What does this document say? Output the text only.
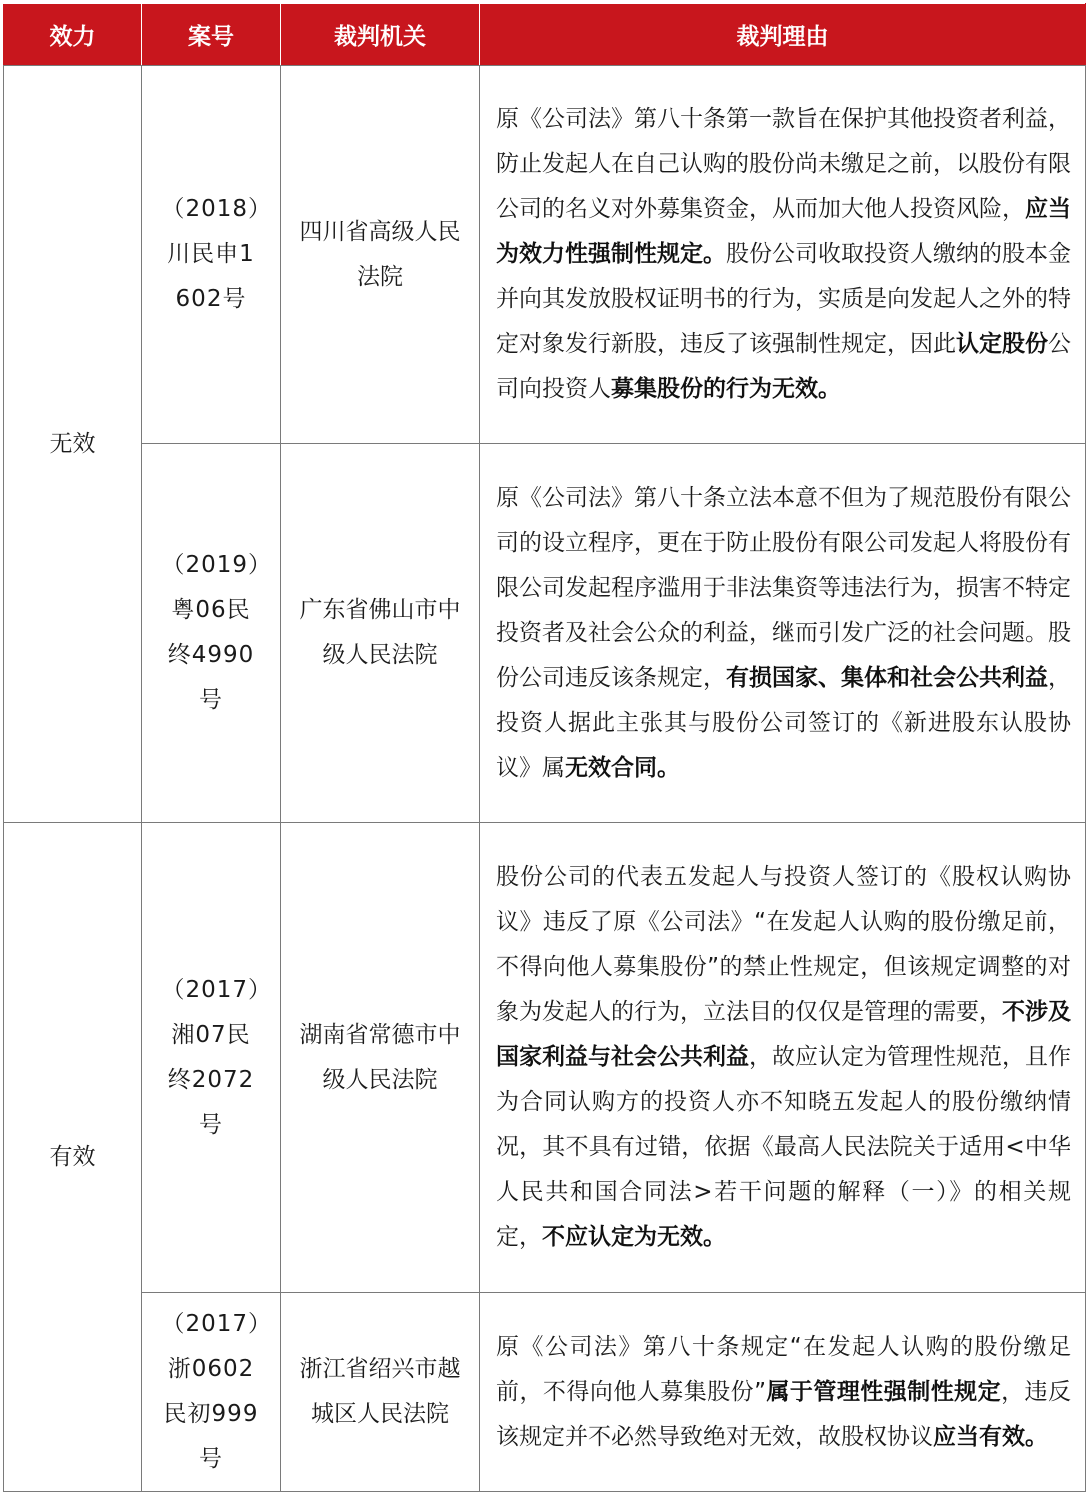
效力	案号	裁判机关	裁判理由
无效	（2018）川民申1602号	四川省高级人民法院	原《公司法》第八十条第一款旨在保护其他投资者利益，防止发起人在自己认购的股份尚未缴足之前，以股份有限公司的名义对外募集资金，从而加大他人投资风险，应当为效力性强制性规定。股份公司收取投资人缴纳的股本金并向其发放股权证明书的行为，实质是向发起人之外的特定对象发行新股，违反了该强制性规定，因此认定股份公司向投资人募集股份的行为无效。
	（2019）粤06民终4990号	广东省佛山市中级人民法院	原《公司法》第八十条立法本意不但为了规范股份有限公司的设立程序，更在于防止股份有限公司发起人将股份有限公司发起程序滥用于非法集资等违法行为，损害不特定投资者及社会公众的利益，继而引发广泛的社会问题。股份公司违反该条规定，有损国家、集体和社会公共利益，投资人据此主张其与股份公司签订的《新进股东认股协议》属无效合同。
有效	（2017）湘07民终2072号	湖南省常德市中级人民法院	股份公司的代表五发起人与投资人签订的《股权认购协议》违反了原《公司法》“在发起人认购的股份缴足前，不得向他人募集股份”的禁止性规定，但该规定调整的对象为发起人的行为，立法目的仅仅是管理的需要，不涉及国家利益与社会公共利益，故应认定为管理性规范，且作为合同认购方的投资人亦不知晓五发起人的股份缴纳情况，其不具有过错，依据《最高人民法院关于适用<中华人民共和国合同法>若干问题的解释（一）》的相关规定，不应认定为无效。
	（2017）浙0602民初999号	浙江省绍兴市越城区人民法院	原《公司法》第八十条规定“在发起人认购的股份缴足前，不得向他人募集股份”属于管理性强制性规定，违反该规定并不必然导致绝对无效，故股权协议应当有效。
